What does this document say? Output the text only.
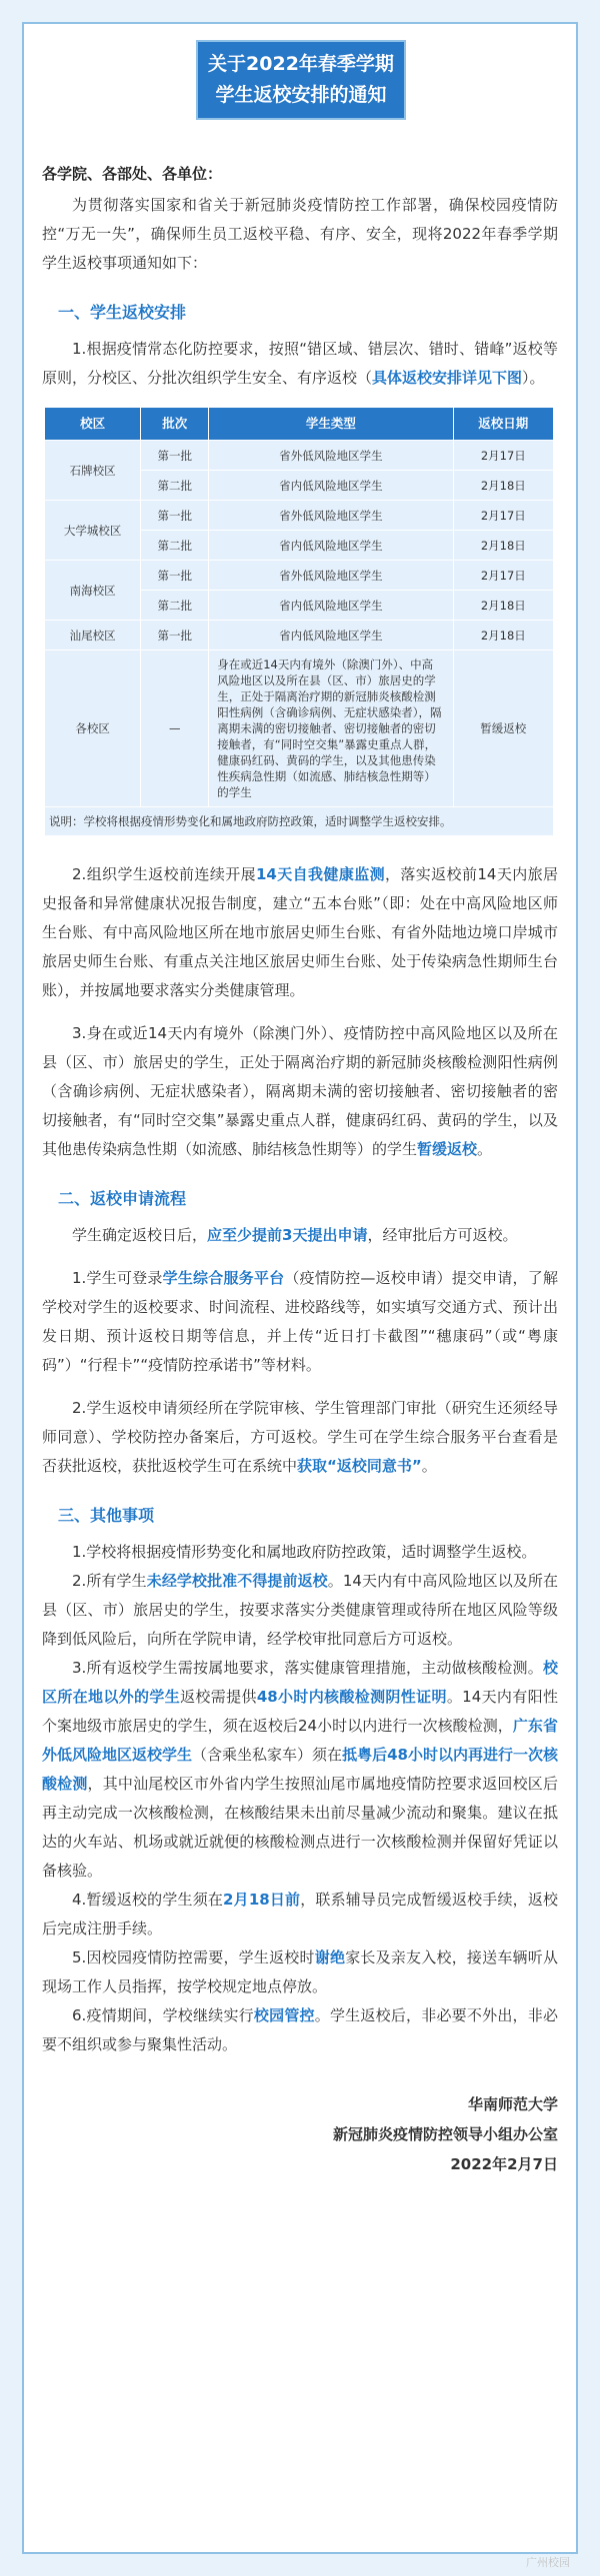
关于2022年春季学期
学生返校安排的通知

各学院、各部处、各单位：

为贯彻落实国家和省关于新冠肺炎疫情防控工作部署，确保校园疫情防控“万无一失”，确保师生员工返校平稳、有序、安全，现将2022年春季学期学生返校事项通知如下：

一、学生返校安排

1.根据疫情常态化防控要求，按照“错区域、错层次、错时、错峰”返校等原则，分校区、分批次组织学生安全、有序返校（具体返校安排详见下图）。

校区	批次	学生类型	返校日期
石牌校区	第一批	省外低风险地区学生	2月17日
	第二批	省内低风险地区学生	2月18日
大学城校区	第一批	省外低风险地区学生	2月17日
	第二批	省内低风险地区学生	2月18日
南海校区	第一批	省外低风险地区学生	2月17日
	第二批	省内低风险地区学生	2月18日
汕尾校区	第一批	省内低风险地区学生	2月18日
各校区	—	身在或近14天内有境外（除澳门外）、中高风险地区以及所在县（区、市）旅居史的学生，正处于隔离治疗期的新冠肺炎核酸检测阳性病例（含确诊病例、无症状感染者），隔离期未满的密切接触者、密切接触者的密切接触者，有“同时空交集”暴露史重点人群，健康码红码、黄码的学生，以及其他患传染性疾病急性期（如流感、肺结核急性期等）的学生	暂缓返校
说明：学校将根据疫情形势变化和属地政府防控政策，适时调整学生返校安排。			

2.组织学生返校前连续开展14天自我健康监测，落实返校前14天内旅居史报备和异常健康状况报告制度，建立“五本台账”（即：处在中高风险地区师生台账、有中高风险地区所在地市旅居史师生台账、有省外陆地边境口岸城市旅居史师生台账、有重点关注地区旅居史师生台账、处于传染病急性期师生台账），并按属地要求落实分类健康管理。

3.身在或近14天内有境外（除澳门外）、疫情防控中高风险地区以及所在县（区、市）旅居史的学生，正处于隔离治疗期的新冠肺炎核酸检测阳性病例（含确诊病例、无症状感染者），隔离期未满的密切接触者、密切接触者的密切接触者，有“同时空交集”暴露史重点人群，健康码红码、黄码的学生，以及其他患传染病急性期（如流感、肺结核急性期等）的学生暂缓返校。

二、返校申请流程

学生确定返校日后，应至少提前3天提出申请，经审批后方可返校。

1.学生可登录学生综合服务平台（疫情防控—返校申请）提交申请，了解学校对学生的返校要求、时间流程、进校路线等，如实填写交通方式、预计出发日期、预计返校日期等信息，并上传“近日打卡截图”“穗康码”（或“粤康码”）“行程卡”“疫情防控承诺书”等材料。

2.学生返校申请须经所在学院审核、学生管理部门审批（研究生还须经导师同意）、学校防控办备案后，方可返校。学生可在学生综合服务平台查看是否获批返校，获批返校学生可在系统中获取“返校同意书”。

三、其他事项

1.学校将根据疫情形势变化和属地政府防控政策，适时调整学生返校。

2.所有学生未经学校批准不得提前返校。14天内有中高风险地区以及所在县（区、市）旅居史的学生，按要求落实分类健康管理或待所在地区风险等级降到低风险后，向所在学院申请，经学校审批同意后方可返校。

3.所有返校学生需按属地要求，落实健康管理措施，主动做核酸检测。校区所在地以外的学生返校需提供48小时内核酸检测阴性证明。14天内有阳性个案地级市旅居史的学生，须在返校后24小时以内进行一次核酸检测，广东省外低风险地区返校学生（含乘坐私家车）须在抵粤后48小时以内再进行一次核酸检测，其中汕尾校区市外省内学生按照汕尾市属地疫情防控要求返回校区后再主动完成一次核酸检测，在核酸结果未出前尽量减少流动和聚集。建议在抵达的火车站、机场或就近就便的核酸检测点进行一次核酸检测并保留好凭证以备核验。

4.暂缓返校的学生须在2月18日前，联系辅导员完成暂缓返校手续，返校后完成注册手续。

5.因校园疫情防控需要，学生返校时谢绝家长及亲友入校，接送车辆听从现场工作人员指挥，按学校规定地点停放。

6.疫情期间，学校继续实行校园管控。学生返校后，非必要不外出，非必要不组织或参与聚集性活动。

华南师范大学
新冠肺炎疫情防控领导小组办公室
2022年2月7日
广州校园
